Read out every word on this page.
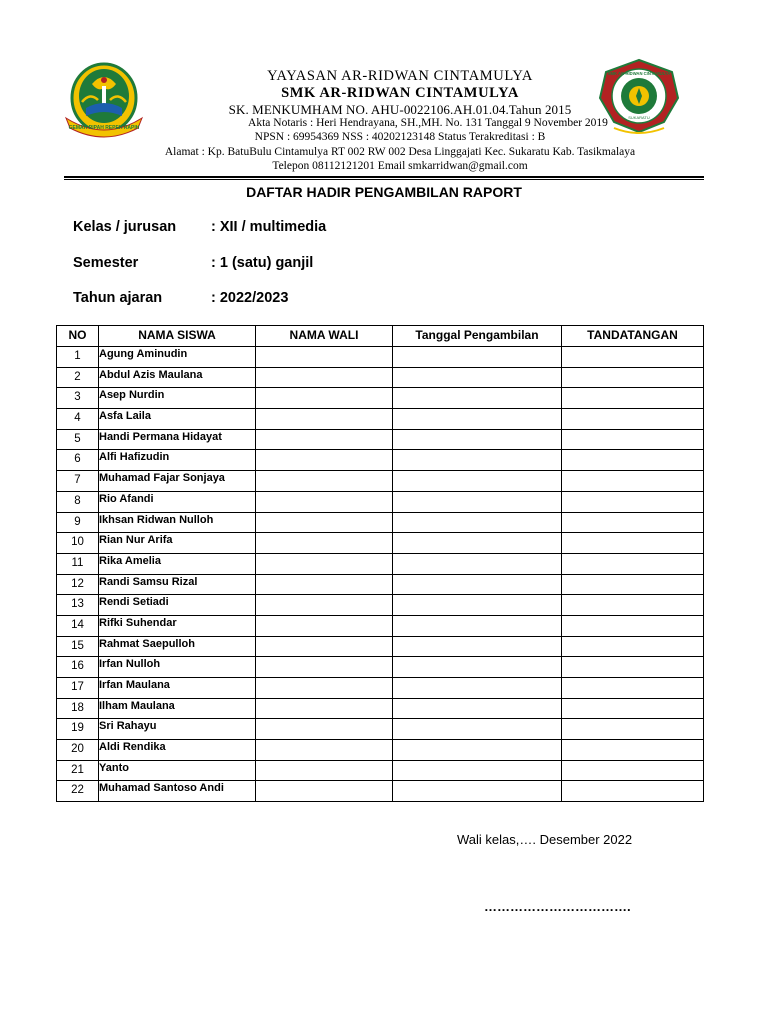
GEMAH RIPAH REPEH RAPIH
SMK AR-RIDWAN CINTAMULYA
SUKARATU
YAYASAN AR-RIDWAN CINTAMULYA
SMK AR-RIDWAN CINTAMULYA
SK. MENKUMHAM NO. AHU-0022106.AH.01.04.Tahun 2015
Akta Notaris : Heri Hendrayana, SH.,MH. No. 131 Tanggal 9 November 2019
NPSN : 69954369 NSS : 40202123148 Status Terakreditasi : B
Alamat : Kp. BatuBulu Cintamulya RT 002 RW 002 Desa Linggajati Kec. Sukaratu Kab. Tasikmalaya
Telepon 08112121201 Email smkarridwan@gmail.com
DAFTAR HADIR PENGAMBILAN RAPORT
Kelas / jurusan : XII / multimedia
Semester	: 1 (satu) ganjil
Tahun ajaran	: 2022/2023
NO	NAMA SISWA	NAMA WALI	Tanggal Pengambilan	TANDATANGAN
1	Agung Aminudin			
2	Abdul Azis Maulana			
3	Asep Nurdin			
4	Asfa Laila			
5	Handi Permana Hidayat			
6	Alfi Hafizudin			
7	Muhamad Fajar Sonjaya			
8	Rio Afandi			
9	Ikhsan Ridwan Nulloh			
10	Rian Nur Arifa			
11	Rika Amelia			
12	Randi Samsu Rizal			
13	Rendi Setiadi			
14	Rifki Suhendar			
15	Rahmat Saepulloh			
16	Irfan Nulloh			
17	Irfan Maulana			
18	Ilham Maulana			
19	Sri Rahayu			
20	Aldi Rendika			
21	Yanto			
22	Muhamad Santoso Andi			
Wali kelas,…. Desember 2022
…………………………….
